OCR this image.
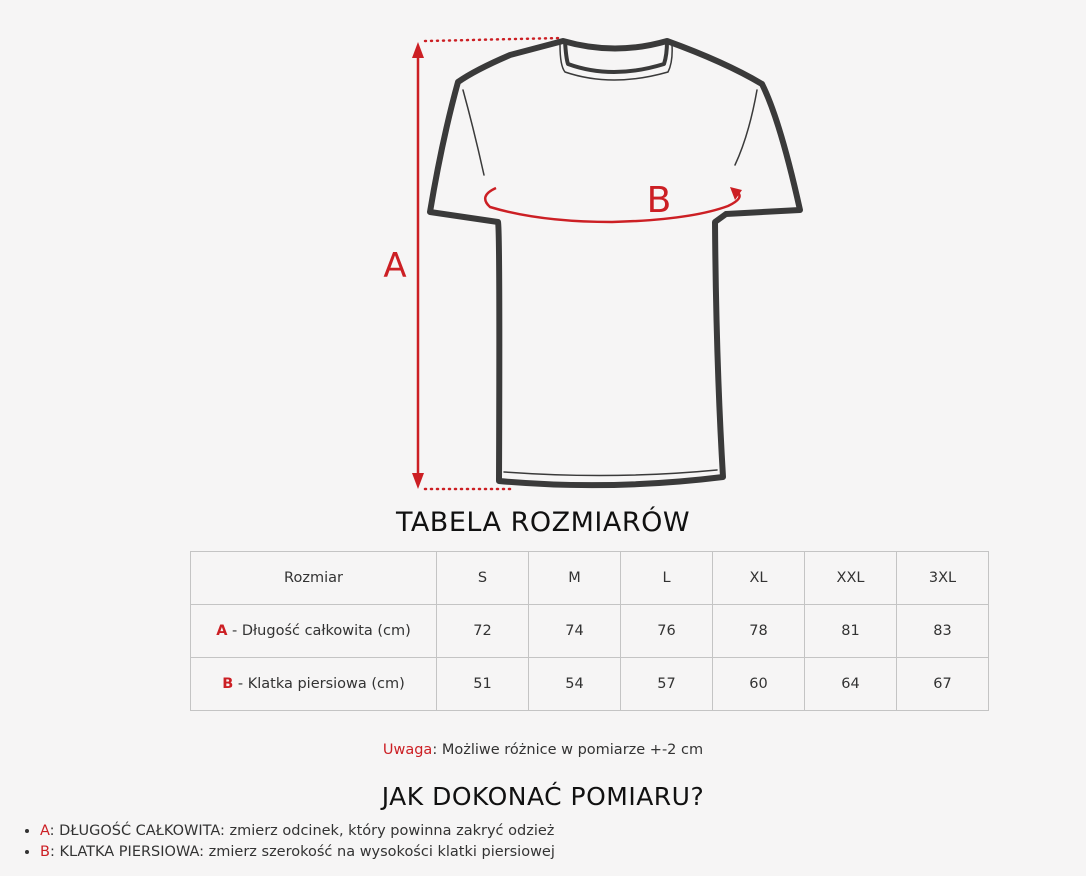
A
B
TABELA ROZMIARÓW
Rozmiar	S	M	L	XL	XXL	3XL
A - Długość całkowita (cm)	72	74	76	78	81	83
B - Klatka piersiowa (cm)	51	54	57	60	64	67
Uwaga: Możliwe różnice w pomiarze +-2 cm
JAK DOKONAĆ POMIARU?
• A: DŁUGOŚĆ CAŁKOWITA: zmierz odcinek, który powinna zakryć odzież
• B: KLATKA PIERSIOWA: zmierz szerokość na wysokości klatki piersiowej
